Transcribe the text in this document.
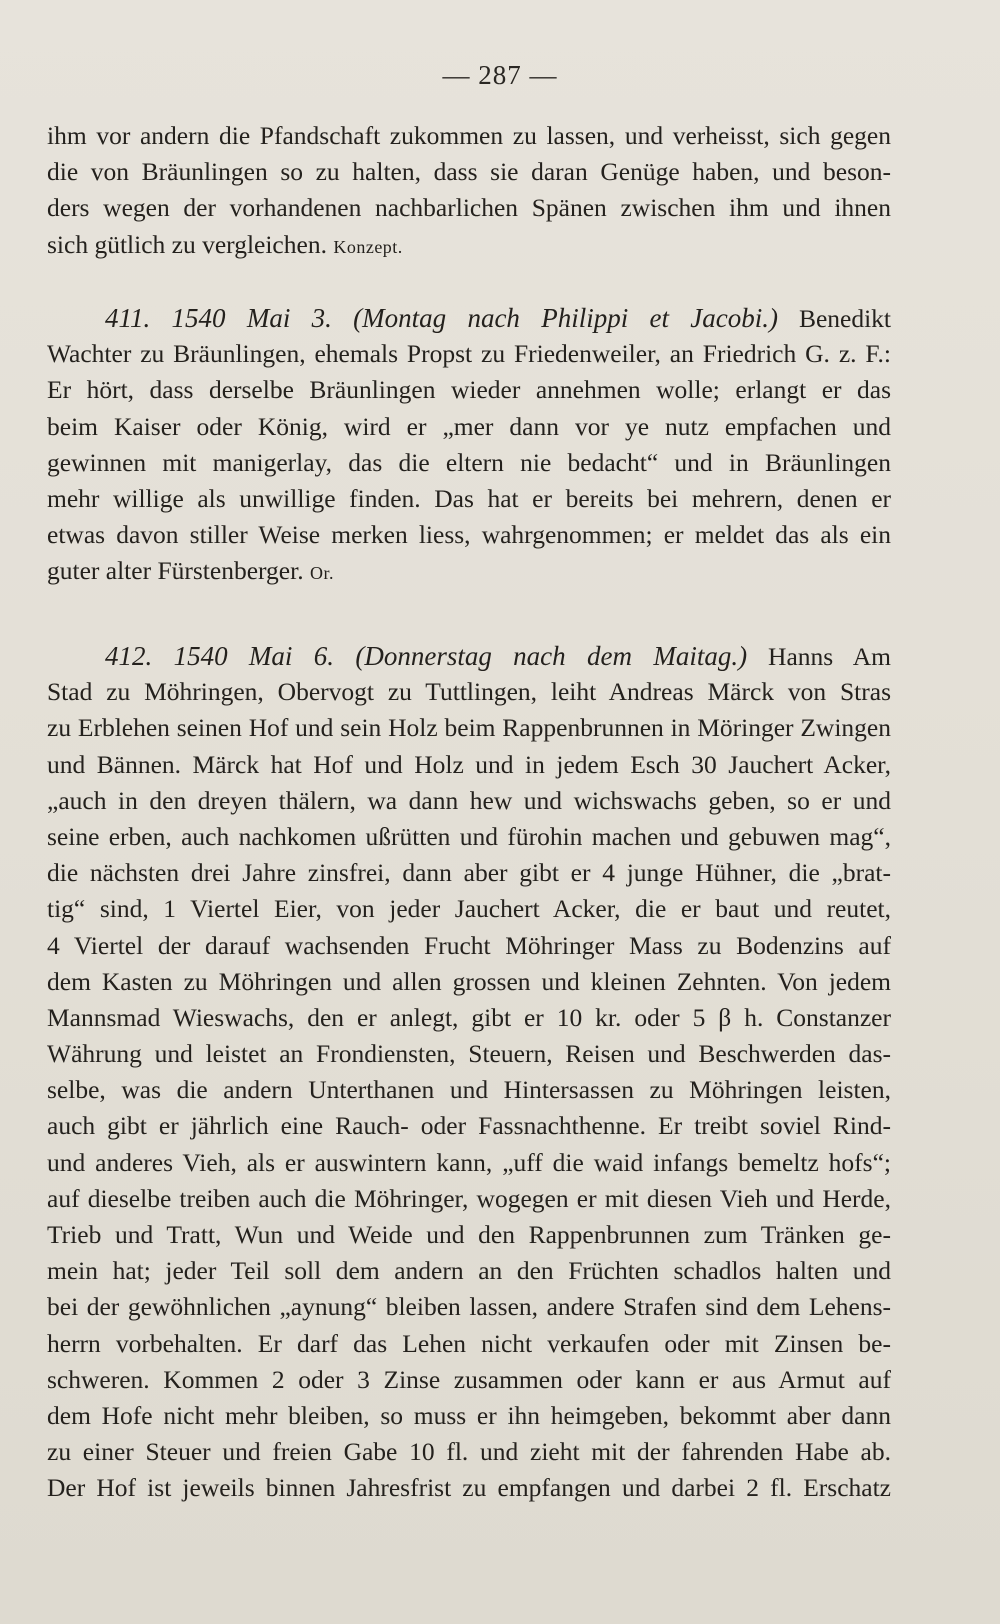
— 287 —
ihm vor andern die Pfandschaft zukommen zu lassen, und verheisst, sich gegen
die von Bräunlingen so zu halten, dass sie daran Genüge haben, und beson-
ders wegen der vorhandenen nachbarlichen Spänen zwischen ihm und ihnen
sich gütlich zu vergleichen. Konzept.
411. 1540 Mai 3. (Montag nach Philippi et Jacobi.) Benedikt
Wachter zu Bräunlingen, ehemals Propst zu Friedenweiler, an Friedrich G. z. F.:
Er hört, dass derselbe Bräunlingen wieder annehmen wolle; erlangt er das
beim Kaiser oder König, wird er „mer dann vor ye nutz empfachen und
gewinnen mit manigerlay, das die eltern nie bedacht“ und in Bräunlingen
mehr willige als unwillige finden. Das hat er bereits bei mehrern, denen er
etwas davon stiller Weise merken liess, wahrgenommen; er meldet das als ein
guter alter Fürstenberger. Or.
412. 1540 Mai 6. (Donnerstag nach dem Maitag.) Hanns Am
Stad zu Möhringen, Obervogt zu Tuttlingen, leiht Andreas Märck von Stras
zu Erblehen seinen Hof und sein Holz beim Rappenbrunnen in Möringer Zwingen
und Bännen. Märck hat Hof und Holz und in jedem Esch 30 Jauchert Acker,
„auch in den dreyen thälern, wa dann hew und wichswachs geben, so er und
seine erben, auch nachkomen ußrütten und fürohin machen und gebuwen mag“,
die nächsten drei Jahre zinsfrei, dann aber gibt er 4 junge Hühner, die „brat-
tig“ sind, 1 Viertel Eier, von jeder Jauchert Acker, die er baut und reutet,
4 Viertel der darauf wachsenden Frucht Möhringer Mass zu Bodenzins auf
dem Kasten zu Möhringen und allen grossen und kleinen Zehnten. Von jedem
Mannsmad Wieswachs, den er anlegt, gibt er 10 kr. oder 5 β h. Constanzer
Währung und leistet an Frondiensten, Steuern, Reisen und Beschwerden das-
selbe, was die andern Unterthanen und Hintersassen zu Möhringen leisten,
auch gibt er jährlich eine Rauch- oder Fassnachthenne. Er treibt soviel Rind-
und anderes Vieh, als er auswintern kann, „uff die waid infangs bemeltz hofs“;
auf dieselbe treiben auch die Möhringer, wogegen er mit diesen Vieh und Herde,
Trieb und Tratt, Wun und Weide und den Rappenbrunnen zum Tränken ge-
mein hat; jeder Teil soll dem andern an den Früchten schadlos halten und
bei der gewöhnlichen „aynung“ bleiben lassen, andere Strafen sind dem Lehens-
herrn vorbehalten. Er darf das Lehen nicht verkaufen oder mit Zinsen be-
schweren. Kommen 2 oder 3 Zinse zusammen oder kann er aus Armut auf
dem Hofe nicht mehr bleiben, so muss er ihn heimgeben, bekommt aber dann
zu einer Steuer und freien Gabe 10 fl. und zieht mit der fahrenden Habe ab.
Der Hof ist jeweils binnen Jahresfrist zu empfangen und darbei 2 fl. Erschatz
